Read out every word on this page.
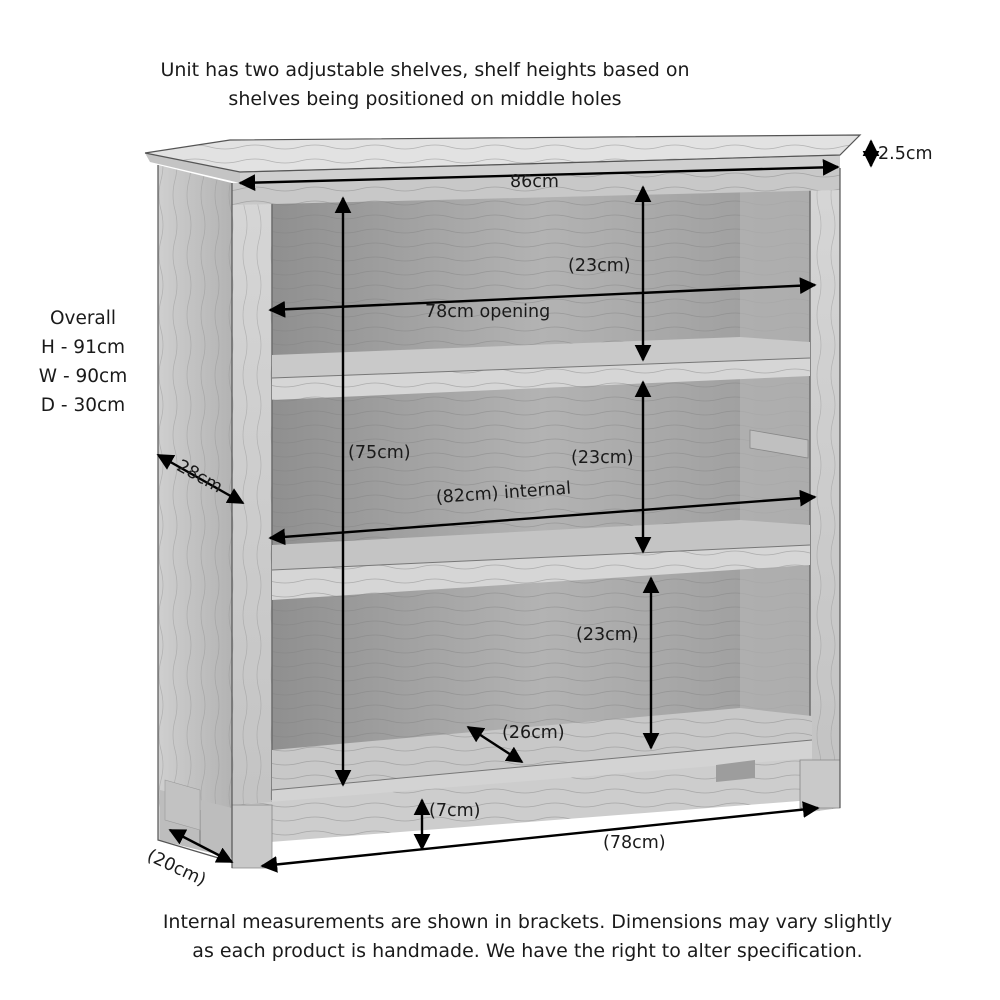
Unit has two adjustable shelves, shelf heights based on
shelves being positioned on middle holes
Overall
H - 91cm
W - 90cm
D - 30cm
2.5cm
86cm
(23cm)
78cm opening
(75cm)	(23cm)
(82cm) internal
(23cm)
28cm
(26cm)
(7cm)
(78cm)
(20cm)
Internal measurements are shown in brackets. Dimensions may vary slightly
as each product is handmade. We have the right to alter specification.
